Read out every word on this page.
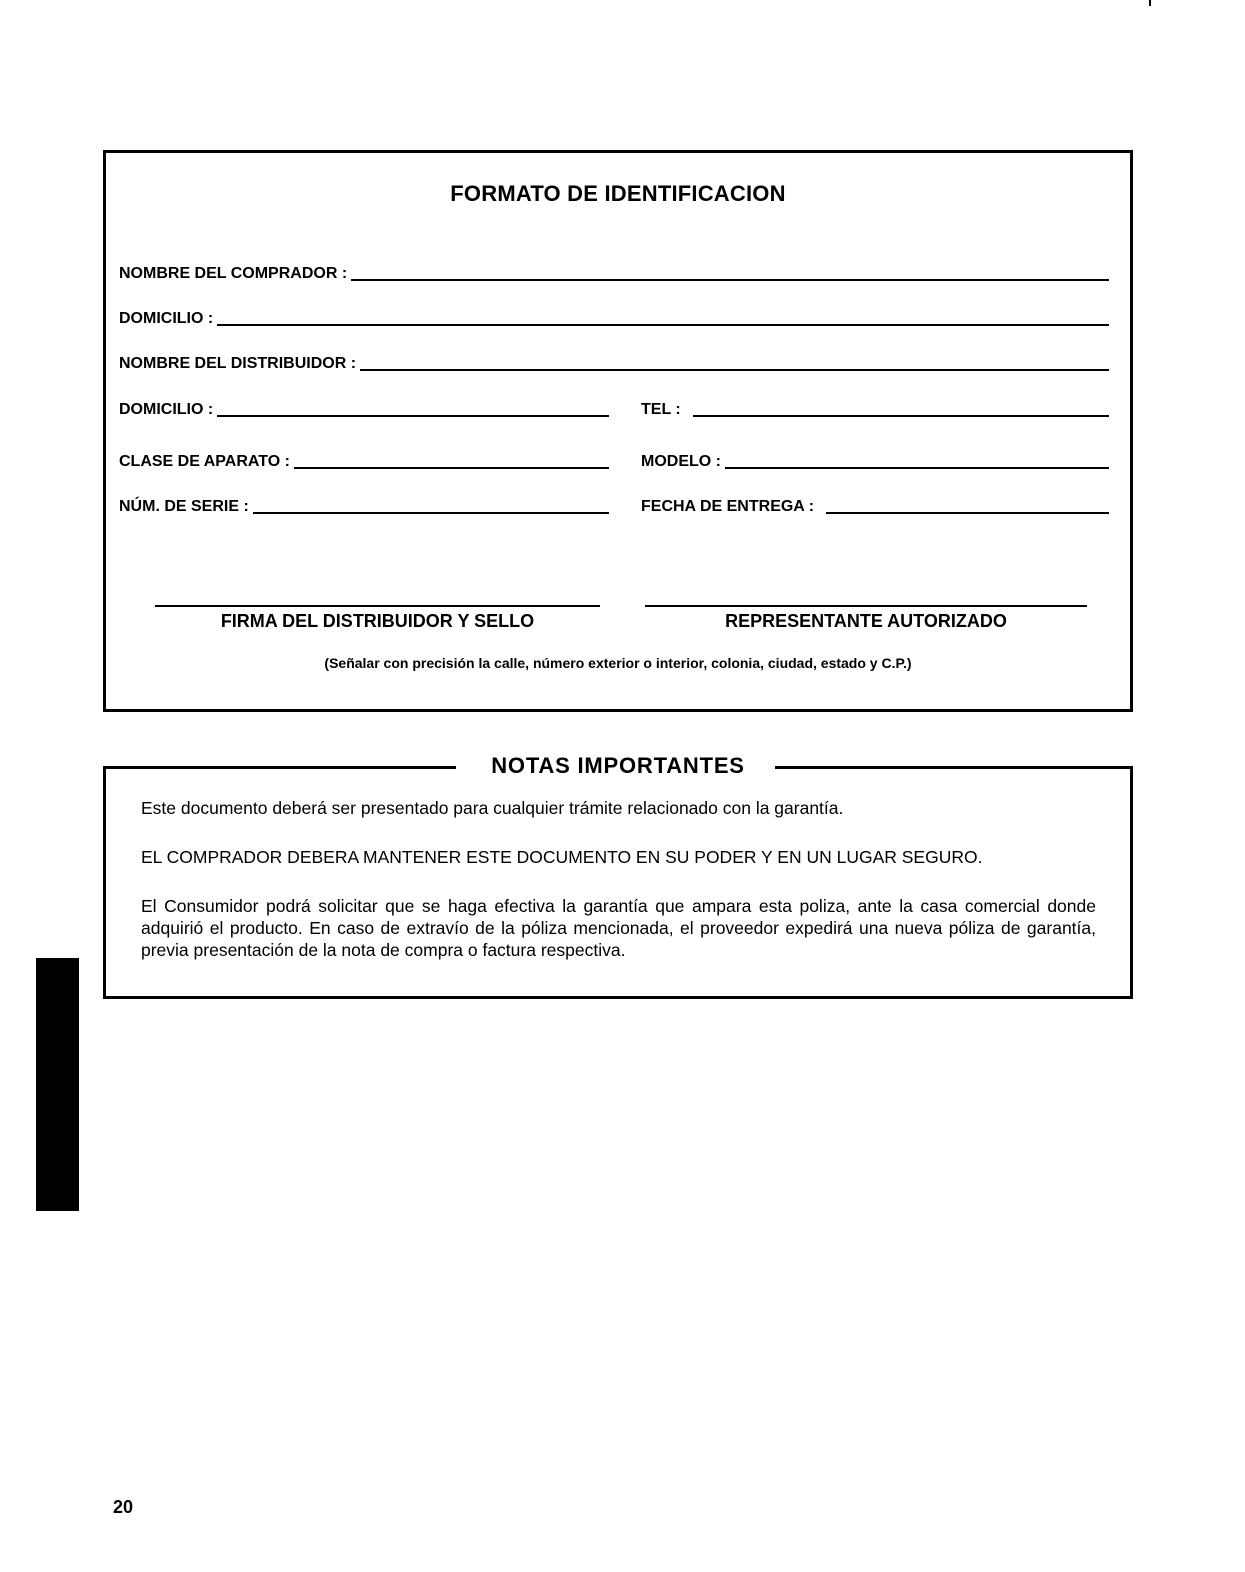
FORMATO DE IDENTIFICACION
NOMBRE DEL COMPRADOR :
DOMICILIO :
NOMBRE DEL DISTRIBUIDOR :
DOMICILIO :	TEL :
CLASE DE APARATO :	MODELO :
NÚM. DE SERIE :	FECHA DE ENTREGA :
FIRMA DEL DISTRIBUIDOR Y SELLO	REPRESENTANTE AUTORIZADO
(Señalar con precisión la calle, número exterior o interior, colonia, ciudad, estado y C.P.)
NOTAS IMPORTANTES

Este documento deberá ser presentado para cualquier trámite relacionado con la garantía.

EL COMPRADOR DEBERA MANTENER ESTE DOCUMENTO EN SU PODER Y EN UN LUGAR SEGURO.

El Consumidor podrá solicitar que se haga efectiva la garantía que ampara esta poliza, ante la casa comercial donde adquirió el producto. En caso de extravío de la póliza mencionada, el proveedor expedirá una nueva póliza de garantía, previa presentación de la nota de compra o factura respectiva.

20
